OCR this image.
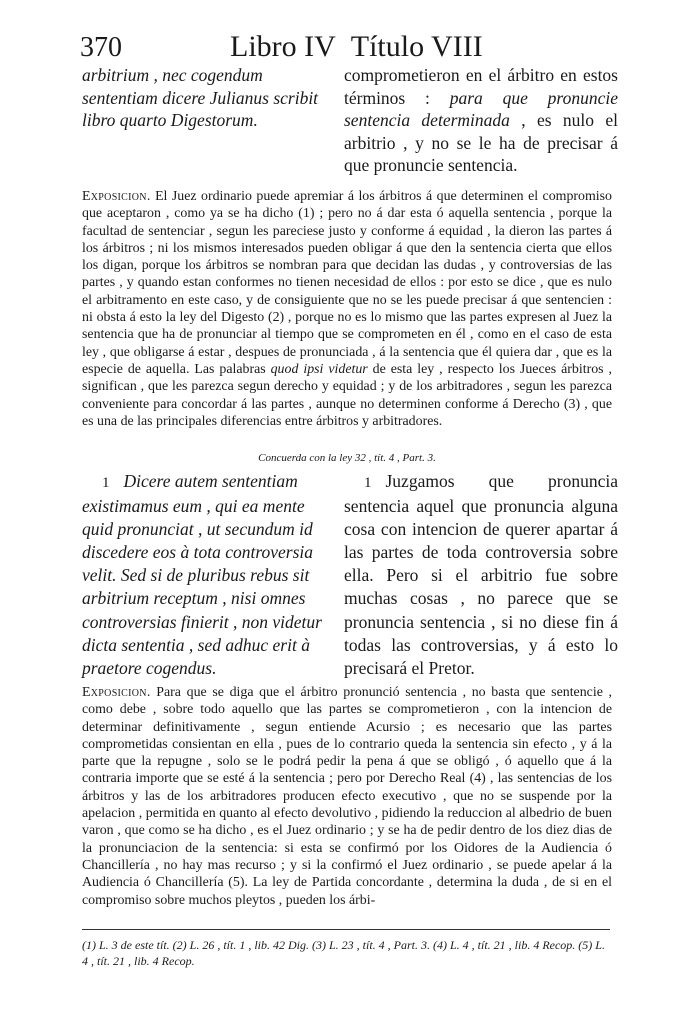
370	Libro IV Título VIII
arbitrium , nec cogendum sententiam dicere Julianus scribit libro quarto Digestorum.
comprometieron en el árbitro en estos términos : para que pronuncie sentencia determinada , es nulo el arbitrio , y no se le ha de precisar á que pronuncie sentencia.
Exposicion. El Juez ordinario puede apremiar á los árbitros á que determinen el compromiso que aceptaron , como ya se ha dicho (1) ; pero no á dar esta ó aquella sentencia , porque la facultad de sentenciar , segun les pareciese justo y conforme á equidad , la dieron las partes á los árbitros ; ni los mismos interesados pueden obligar á que den la sentencia cierta que ellos los digan, porque los árbitros se nombran para que decidan las dudas , y controversias de las partes , y quando estan conformes no tienen necesidad de ellos : por esto se dice , que es nulo el arbitramento en este caso, y de consiguiente que no se les puede precisar á que sentencien : ni obsta á esto la ley del Digesto (2) , porque no es lo mismo que las partes expresen al Juez la sentencia que ha de pronunciar al tiempo que se comprometen en él , como en el caso de esta ley , que obligarse á estar , despues de pronunciada , á la sentencia que él quiera dar , que es la especie de aquella. Las palabras quod ipsi videtur de esta ley , respecto los Jueces árbitros , significan , que les parezca segun derecho y equidad ; y de los arbitradores , segun les parezca conveniente para concordar á las partes , aunque no determinen conforme á Derecho (3) , que es una de las principales diferencias entre árbitros y arbitradores.
Concuerda con la ley 32 , tít. 4 , Part. 3.
1 Dicere autem sententiam existimamus eum , qui ea mente quid pronunciat , ut secundum id discedere eos à tota controversia velit. Sed si de pluribus rebus sit arbitrium receptum , nisi omnes controversias finierit , non videtur dicta sententia , sed adhuc erit à praetore cogendus.
1 Juzgamos que pronuncia sentencia aquel que pronuncia alguna cosa con intencion de querer apartar á las partes de toda controversia sobre ella. Pero si el arbitrio fue sobre muchas cosas , no parece que se pronuncia sentencia , si no diese fin á todas las controversias, y á esto lo precisará el Pretor.
Exposicion. Para que se diga que el árbitro pronunció sentencia , no basta que sentencie , como debe , sobre todo aquello que las partes se comprometieron , con la intencion de determinar definitivamente , segun entiende Acursio ; es necesario que las partes comprometidas consientan en ella , pues de lo contrario queda la sentencia sin efecto , y á la parte que la repugne , solo se le podrá pedir la pena á que se obligó , ó aquello que á la contraria importe que se esté á la sentencia ; pero por Derecho Real (4) , las sentencias de los árbitros y las de los arbitradores producen efecto executivo , que no se suspende por la apelacion , permitida en quanto al efecto devolutivo , pidiendo la reduccion al albedrio de buen varon , que como se ha dicho , es el Juez ordinario ; y se ha de pedir dentro de los diez dias de la pronunciacion de la sentencia: si esta se confirmó por los Oidores de la Audiencia ó Chancillería , no hay mas recurso ; y si la confirmó el Juez ordinario , se puede apelar á la Audiencia ó Chancillería (5). La ley de Partida concordante , determina la duda , de si en el compromiso sobre muchos pleytos , pueden los árbi-
(1) L. 3 de este tít. (2) L. 26 , tít. 1 , lib. 42 Dig. (3) L. 23 , tít. 4 , Part. 3. (4) L. 4 , tít. 21 , lib. 4 Recop. (5) L. 4 , tít. 21 , lib. 4 Recop.
